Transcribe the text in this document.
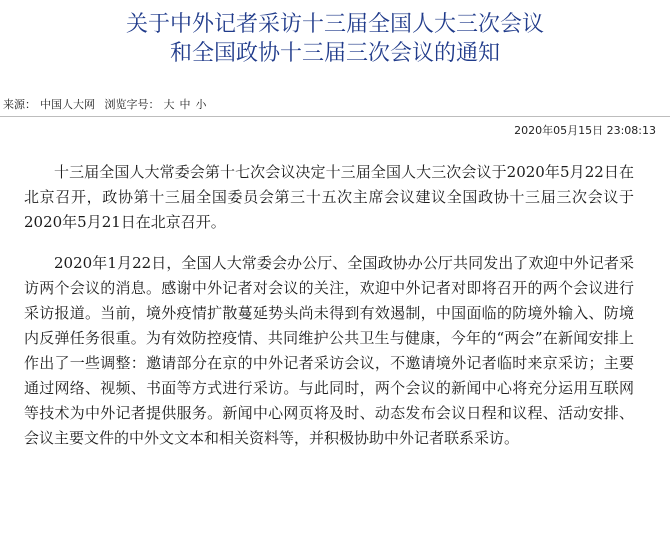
关于中外记者采访十三届全国人大三次会议
和全国政协十三届三次会议的通知
来源： 中国人大网 浏览字号： 大 中 小
2020年05月15日 23:08:13

十三届全国人大常委会第十七次会议决定十三届全国人大三次会议于2020年5月22日在北京召开，政协第十三届全国委员会第三十五次主席会议建议全国政协十三届三次会议于2020年5月21日在北京召开。

2020年1月22日，全国人大常委会办公厅、全国政协办公厅共同发出了欢迎中外记者采访两个会议的消息。感谢中外记者对会议的关注，欢迎中外记者对即将召开的两个会议进行采访报道。当前，境外疫情扩散蔓延势头尚未得到有效遏制，中国面临的防境外输入、防境内反弹任务很重。为有效防控疫情、共同维护公共卫生与健康，今年的“两会”在新闻安排上作出了一些调整：邀请部分在京的中外记者采访会议，不邀请境外记者临时来京采访；主要通过网络、视频、书面等方式进行采访。与此同时，两个会议的新闻中心将充分运用互联网等技术为中外记者提供服务。新闻中心网页将及时、动态发布会议日程和议程、活动安排、会议主要文件的中外文文本和相关资料等，并积极协助中外记者联系采访。
